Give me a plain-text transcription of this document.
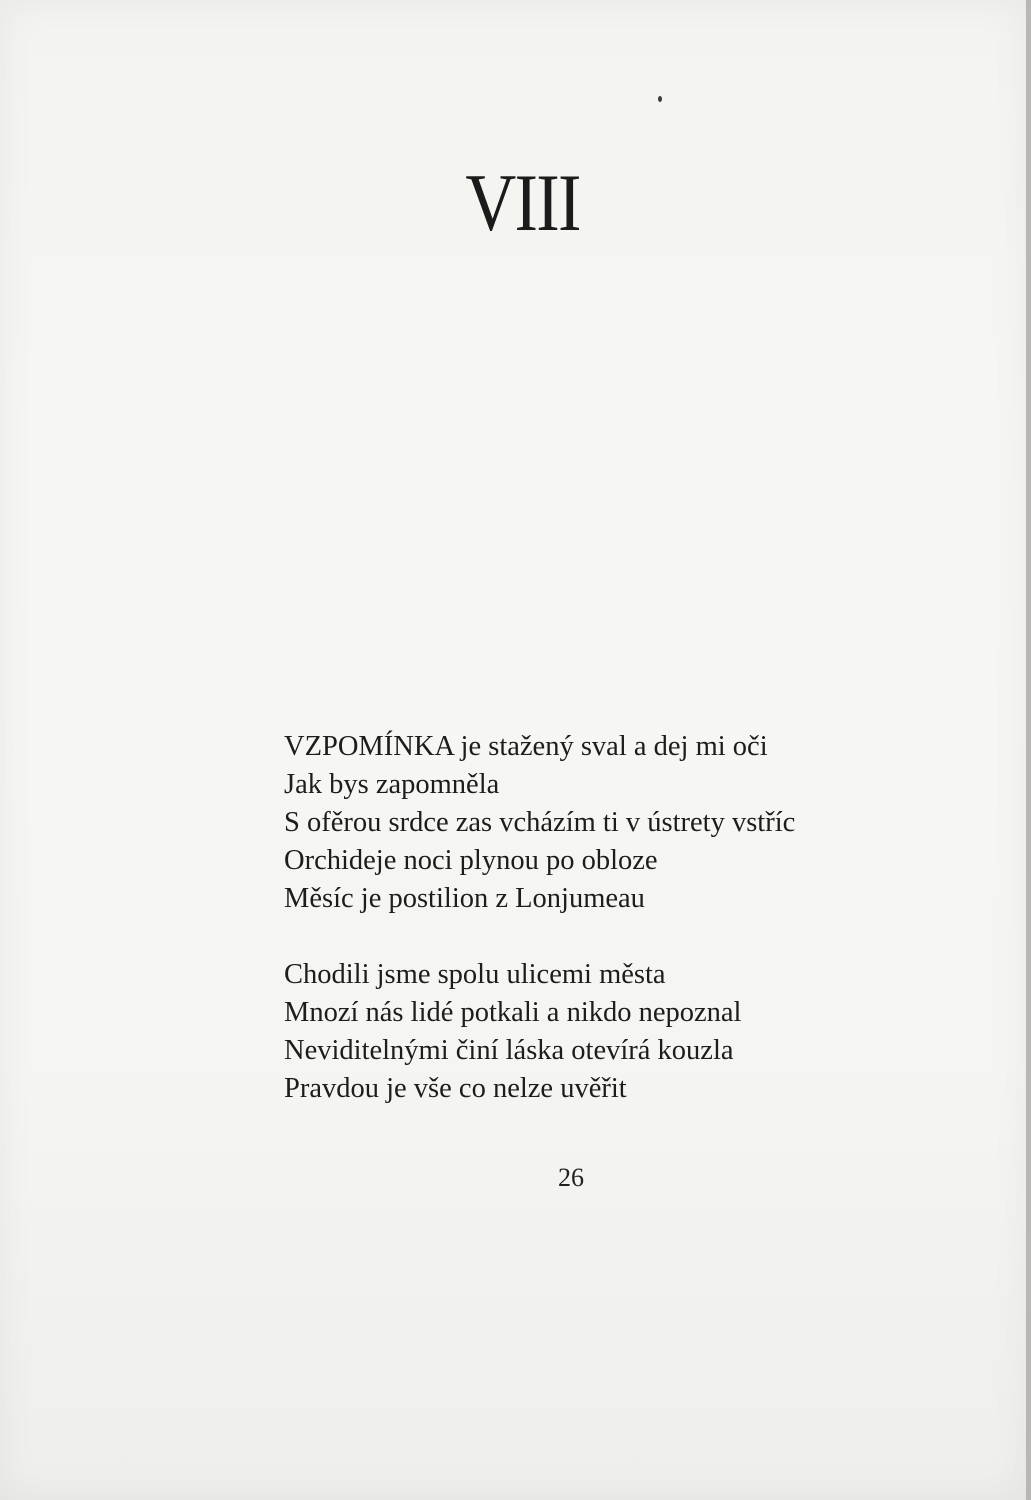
VIII
VZPOMÍNKA je stažený sval a dej mi oči
Jak bys zapomněla
S ofěrou srdce zas vcházím ti v ústrety vstříc
Orchideje noci plynou po obloze
Měsíc je postilion z Lonjumeau
Chodili jsme spolu ulicemi města
Mnozí nás lidé potkali a nikdo nepoznal
Neviditelnými činí láska otevírá kouzla
Pravdou je vše co nelze uvěřit
26
